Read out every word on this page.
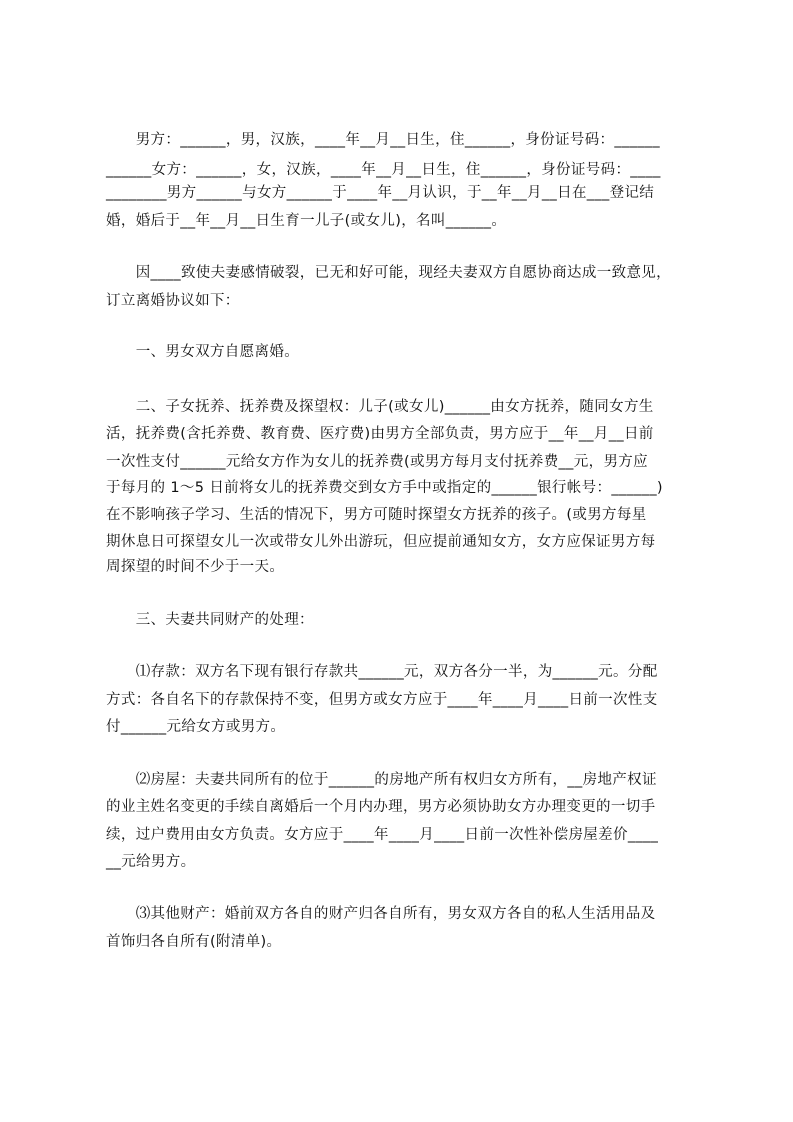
　　男方：______，男，汉族，____年__月__日生，住______，身份证号码：______
______女方：______，女，汉族，____年__月__日生，住______，身份证号码：____
________男方______与女方______于____年__月认识，于__年__月__日在___登记结
婚，婚后于__年__月__日生育一儿子(或女儿)，名叫______。
　　因____致使夫妻感情破裂，已无和好可能，现经夫妻双方自愿协商达成一致意见，
订立离婚协议如下：
　　一、男女双方自愿离婚。
　　二、子女抚养、抚养费及探望权：儿子(或女儿)______由女方抚养，随同女方生
活，抚养费(含托养费、教育费、医疗费)由男方全部负责，男方应于__年__月__日前
一次性支付______元给女方作为女儿的抚养费(或男方每月支付抚养费__元，男方应
于每月的 1～5 日前将女儿的抚养费交到女方手中或指定的______银行帐号：______)
在不影响孩子学习、生活的情况下，男方可随时探望女方抚养的孩子。(或男方每星
期休息日可探望女儿一次或带女儿外出游玩，但应提前通知女方，女方应保证男方每
周探望的时间不少于一天。
　　三、夫妻共同财产的处理：
　　⑴存款：双方名下现有银行存款共______元，双方各分一半，为______元。分配
方式：各自名下的存款保持不变，但男方或女方应于____年____月____日前一次性支
付______元给女方或男方。
　　⑵房屋：夫妻共同所有的位于______的房地产所有权归女方所有，__房地产权证
的业主姓名变更的手续自离婚后一个月内办理，男方必须协助女方办理变更的一切手
续，过户费用由女方负责。女方应于____年____月____日前一次性补偿房屋差价____
__元给男方。
　　⑶其他财产：婚前双方各自的财产归各自所有，男女双方各自的私人生活用品及
首饰归各自所有(附清单)。
